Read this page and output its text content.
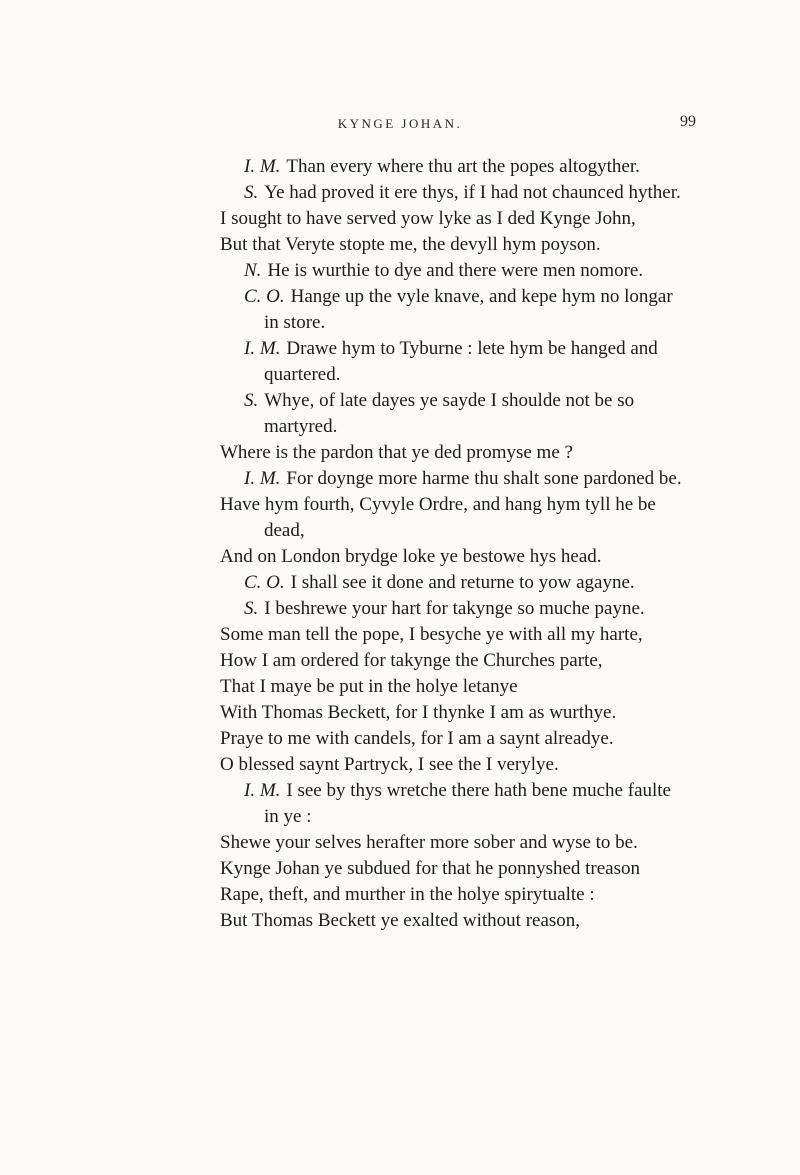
KYNGE JOHAN.	99
I. M. Than every where thu art the popes altogyther.
S. Ye had proved it ere thys, if I had not chaunced hyther.
I sought to have served yow lyke as I ded Kynge John,
But that Veryte stopte me, the devyll hym poyson.
N. He is wurthie to dye and there were men nomore.
C. O. Hange up the vyle knave, and kepe hym no longar
in store.
I. M. Drawe hym to Tyburne : lete hym be hanged and
quartered.
S. Whye, of late dayes ye sayde I shoulde not be so
martyred.
Where is the pardon that ye ded promyse me ?
I. M. For doynge more harme thu shalt sone pardoned be.
Have hym fourth, Cyvyle Ordre, and hang hym tyll he be
dead,
And on London brydge loke ye bestowe hys head.
C. O. I shall see it done and returne to yow agayne.
S. I beshrewe your hart for takynge so muche payne.
Some man tell the pope, I besyche ye with all my harte,
How I am ordered for takynge the Churches parte,
That I maye be put in the holye letanye
With Thomas Beckett, for I thynke I am as wurthye.
Praye to me with candels, for I am a saynt alreadye.
O blessed saynt Partryck, I see the I verylye.
I. M. I see by thys wretche there hath bene muche faulte
in ye :
Shewe your selves herafter more sober and wyse to be.
Kynge Johan ye subdued for that he ponnyshed treason
Rape, theft, and murther in the holye spirytualte :
But Thomas Beckett ye exalted without reason,
